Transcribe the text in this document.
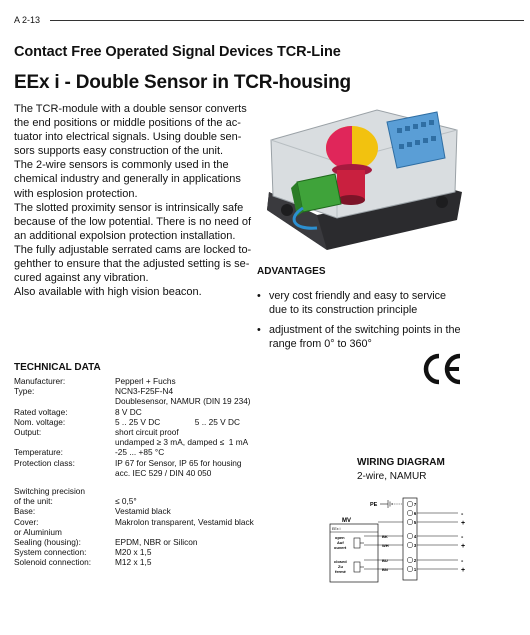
A 2-13
Contact Free Operated Signal Devices TCR-Line
EEx i - Double Sensor in TCR-housing

The TCR-module with a double sensor converts

the end positions or middle positions of the ac-

tuator into electrical signals. Using double sen-

sors supports easy construction of the unit.

The 2-wire sensors is commonly used in the

chemical industry and generally in applications

with esplosion protection.

The slotted proximity sensor is intrinsically safe

because of the low potential. There is no need of

an additional expolsion protection installation.

The fully adjustable serrated cams are locked to-

gehther to ensure that the adjusted setting is se-

cured against any vibration.

Also available with high vision beacon.

ADVANTAGES
• very cost friendly and easy to service due to its construction principle
• adjustment of the switching points in the range from 0° to 360°
TECHNICAL DATA
Manufacturer:	Pepperl + Fuchs
Type:	NCN3-F25F-N4
Doublesensor, NAMUR (DIN 19 234)
Rated voltage:	8 V DC
Nom. voltage:	5 .. 25 V DC               5 .. 25 V DC
Output:	short circuit proof
undamped ≥ 3 mA, damped ≤  1 mA
Temperature:	-25 ... +85 °C
Protection class:	IP 67 for Sensor, IP 65 for housing
acc. IEC 529 / DIN 40 050
Switching precision
of the unit:	≤ 0,5°
Base:	Vestamid black
Cover:	Makrolon transparent, Vestamid black
or Aluminium
Sealing (housing):	EPDM, NBR or Silicon
System connection:	M20 x 1,5
Solenoid connection:	M12 x 1,5
WIRING DIAGRAM
2-wire, NAMUR
PE
MV
EEx i
open
Auf
ouvert
closed
Zu
fermé
BK
WH
BU
BN
7
6
5
4
3
2
1
-
+
-
+
-
+
